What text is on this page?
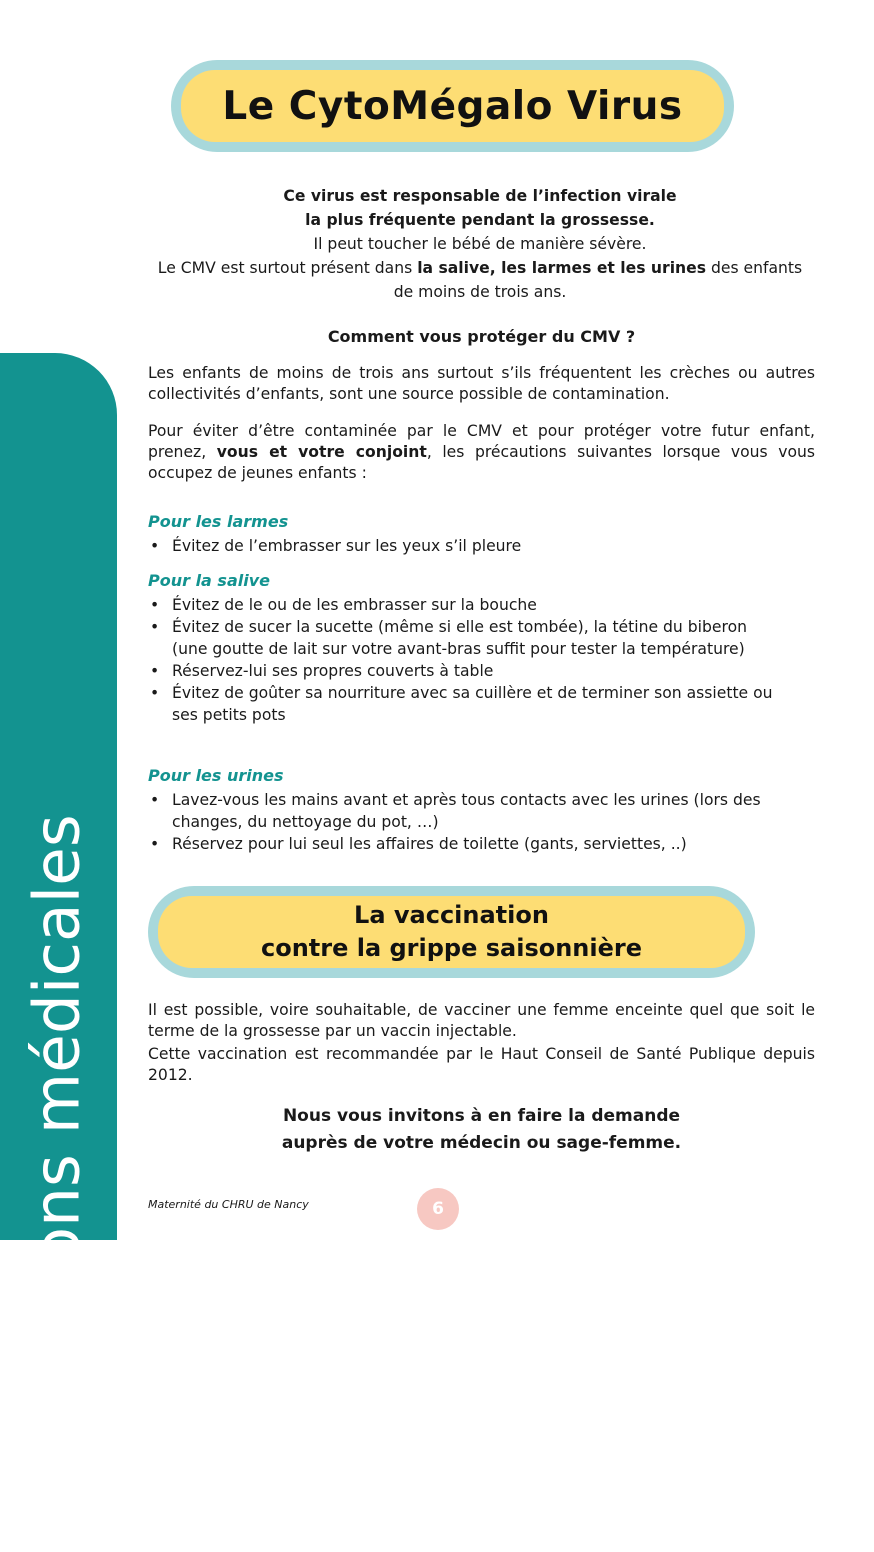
Informations médicales
Le CytoMégalo Virus

Ce virus est responsable de l’infection virale

la plus fréquente pendant la grossesse.

Il peut toucher le bébé de manière sévère.

Le CMV est surtout présent dans la salive, les larmes et les urines des enfants de moins de trois ans.

Comment vous protéger du CMV ?

Les enfants de moins de trois ans surtout s’ils fréquentent les crèches ou autres collectivités d’enfants, sont une source possible de contamination.

Pour éviter d’être contaminée par le CMV et pour protéger votre futur enfant, prenez, vous et votre conjoint, les précautions suivantes lorsque vous vous occupez de jeunes enfants :

Pour les larmes
• Évitez de l’embrasser sur les yeux s’il pleure
Pour la salive
• Évitez de le ou de les embrasser sur la bouche
• Évitez de sucer la sucette (même si elle est tombée), la tétine du biberon (une goutte de lait sur votre avant-bras suffit pour tester la température)
• Réservez-lui ses propres couverts à table
• Évitez de goûter sa nourriture avec sa cuillère et de terminer son assiette ou ses petits pots
Pour les urines
• Lavez-vous les mains avant et après tous contacts avec les urines (lors des changes, du nettoyage du pot, …)
• Réservez pour lui seul les affaires de toilette (gants, serviettes, ..)
La vaccination
contre la grippe saisonnière

Il est possible, voire souhaitable, de vacciner une femme enceinte quel que soit le terme de la grossesse par un vaccin injectable.

Cette vaccination est recommandée par le Haut Conseil de Santé Publique depuis 2012.

Nous vous invitons à en faire la demande

auprès de votre médecin ou sage-femme.

Maternité du CHRU de Nancy	6
